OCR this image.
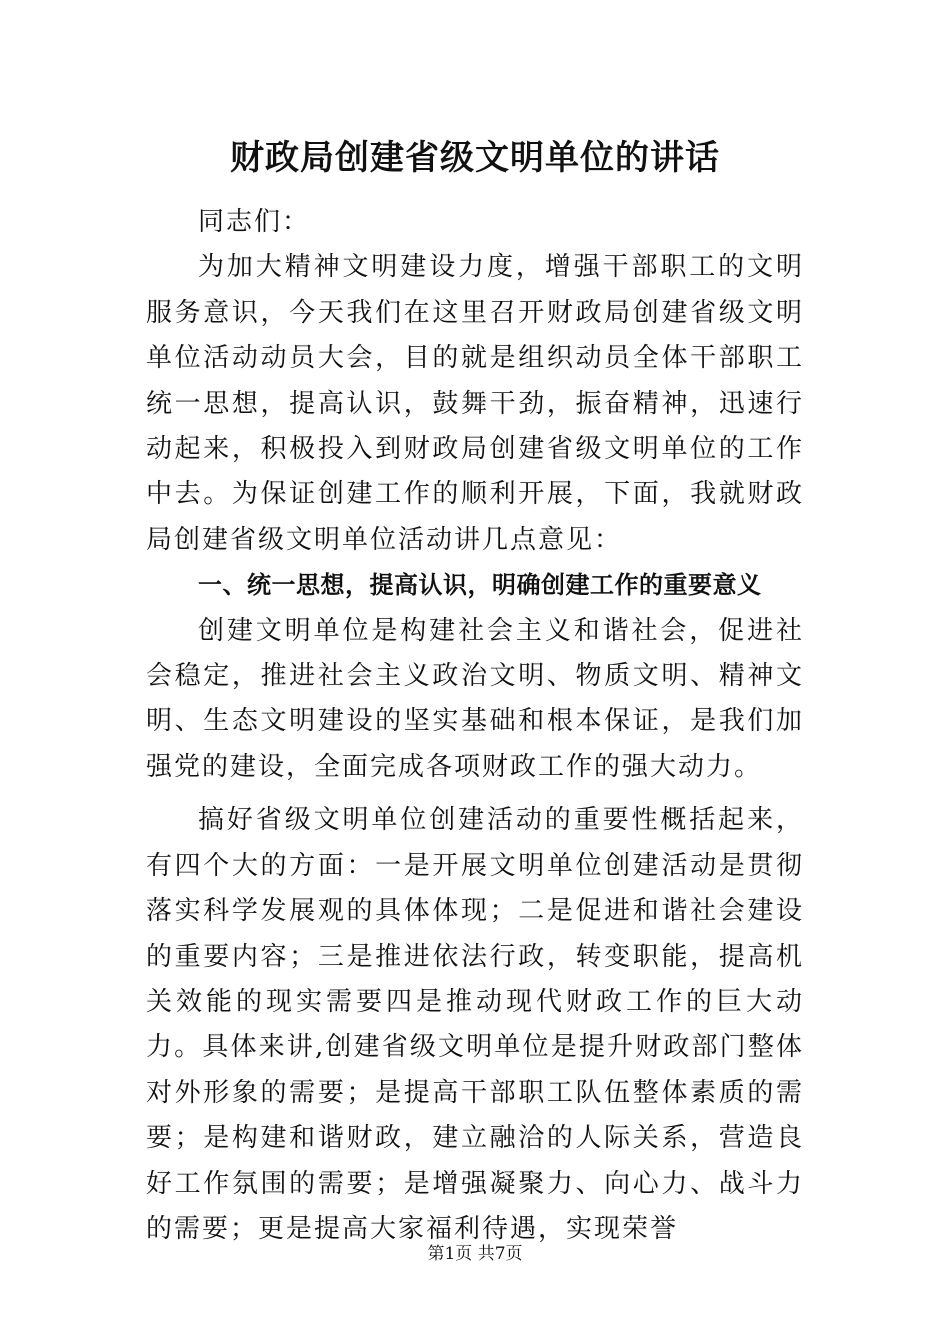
财政局创建省级文明单位的讲话

同志们：

为加大精神文明建设力度，增强干部职工的文明服务意识，今天我们在这里召开财政局创建省级文明单位活动动员大会，目的就是组织动员全体干部职工统一思想，提高认识，鼓舞干劲，振奋精神，迅速行动起来，积极投入到财政局创建省级文明单位的工作中去。为保证创建工作的顺利开展，下面，我就财政局创建省级文明单位活动讲几点意见：

一、统一思想，提高认识，明确创建工作的重要意义

创建文明单位是构建社会主义和谐社会，促进社会稳定，推进社会主义政治文明、物质文明、精神文明、生态文明建设的坚实基础和根本保证，是我们加强党的建设，全面完成各项财政工作的强大动力。

搞好省级文明单位创建活动的重要性概括起来，有四个大的方面：一是开展文明单位创建活动是贯彻落实科学发展观的具体体现；二是促进和谐社会建设的重要内容；三是推进依法行政，转变职能，提高机关效能的现实需要四是推动现代财政工作的巨大动力。具体来讲,创建省级文明单位是提升财政部门整体对外形象的需要；是提高干部职工队伍整体素质的需要；是构建和谐财政，建立融洽的人际关系，营造良好工作氛围的需要；是增强凝聚力、向心力、战斗力的需要；更是提高大家福利待遇，实现荣誉

第1页 共7页
